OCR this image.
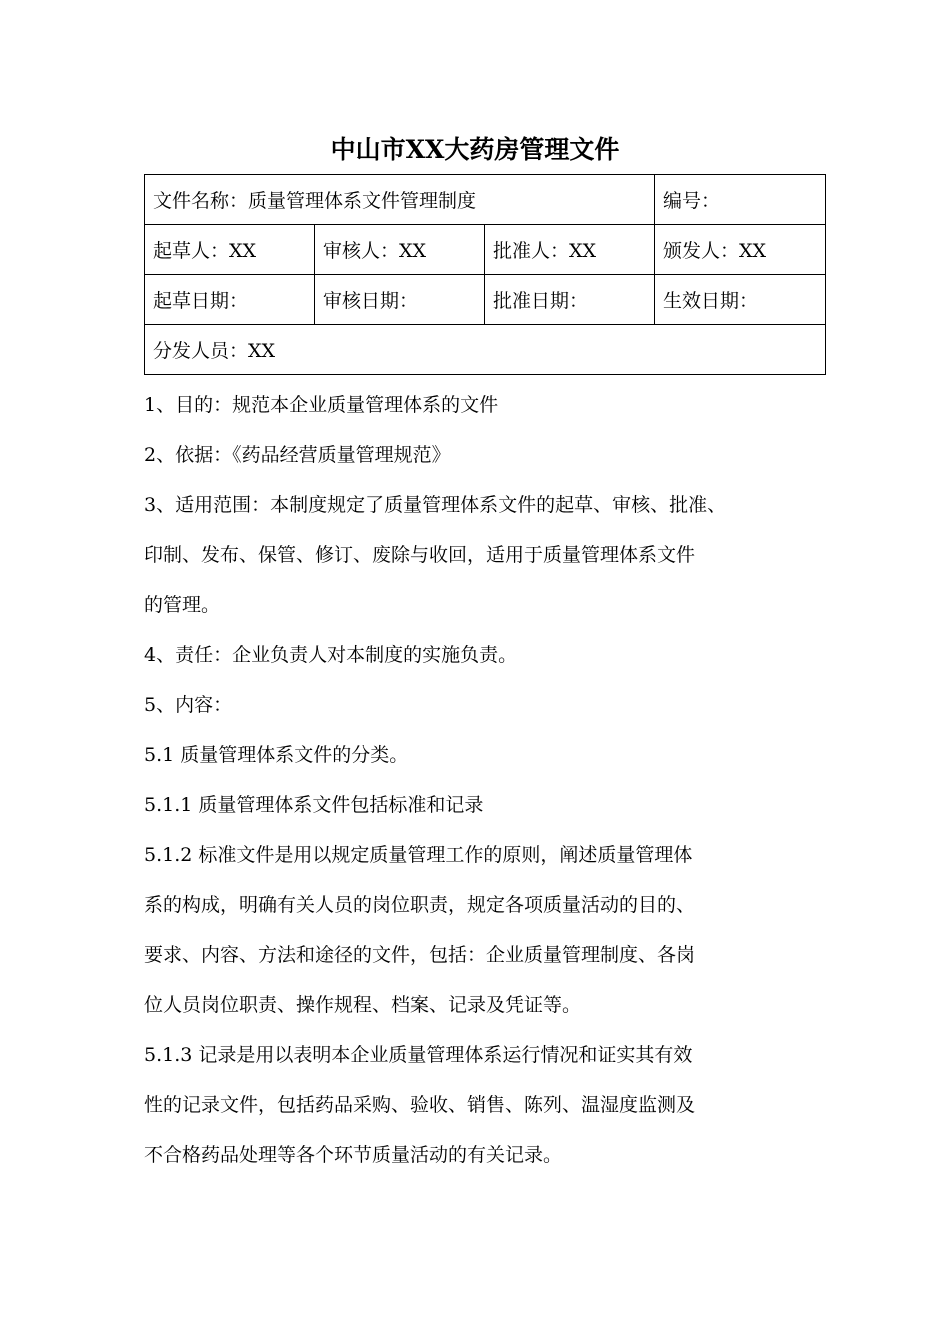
中山市XX大药房管理文件
文件名称：质量管理体系文件管理制度			编号：
起草人：XX	审核人：XX	批准人：XX	颁发人：XX
起草日期：	审核日期：	批准日期：	生效日期：
分发人员：XX			

1、目的：规范本企业质量管理体系的文件

2、依据：《药品经营质量管理规范》

3、适用范围：本制度规定了质量管理体系文件的起草、审核、批准、
印制、发布、保管、修订、废除与收回，适用于质量管理体系文件
的管理。

4、责任：企业负责人对本制度的实施负责。

5、内容：

5.1 质量管理体系文件的分类。

5.1.1 质量管理体系文件包括标准和记录

5.1.2 标准文件是用以规定质量管理工作的原则，阐述质量管理体
系的构成，明确有关人员的岗位职责，规定各项质量活动的目的、
要求、内容、方法和途径的文件，包括：企业质量管理制度、各岗
位人员岗位职责、操作规程、档案、记录及凭证等。

5.1.3 记录是用以表明本企业质量管理体系运行情况和证实其有效
性的记录文件，包括药品采购、验收、销售、陈列、温湿度监测及
不合格药品处理等各个环节质量活动的有关记录。
